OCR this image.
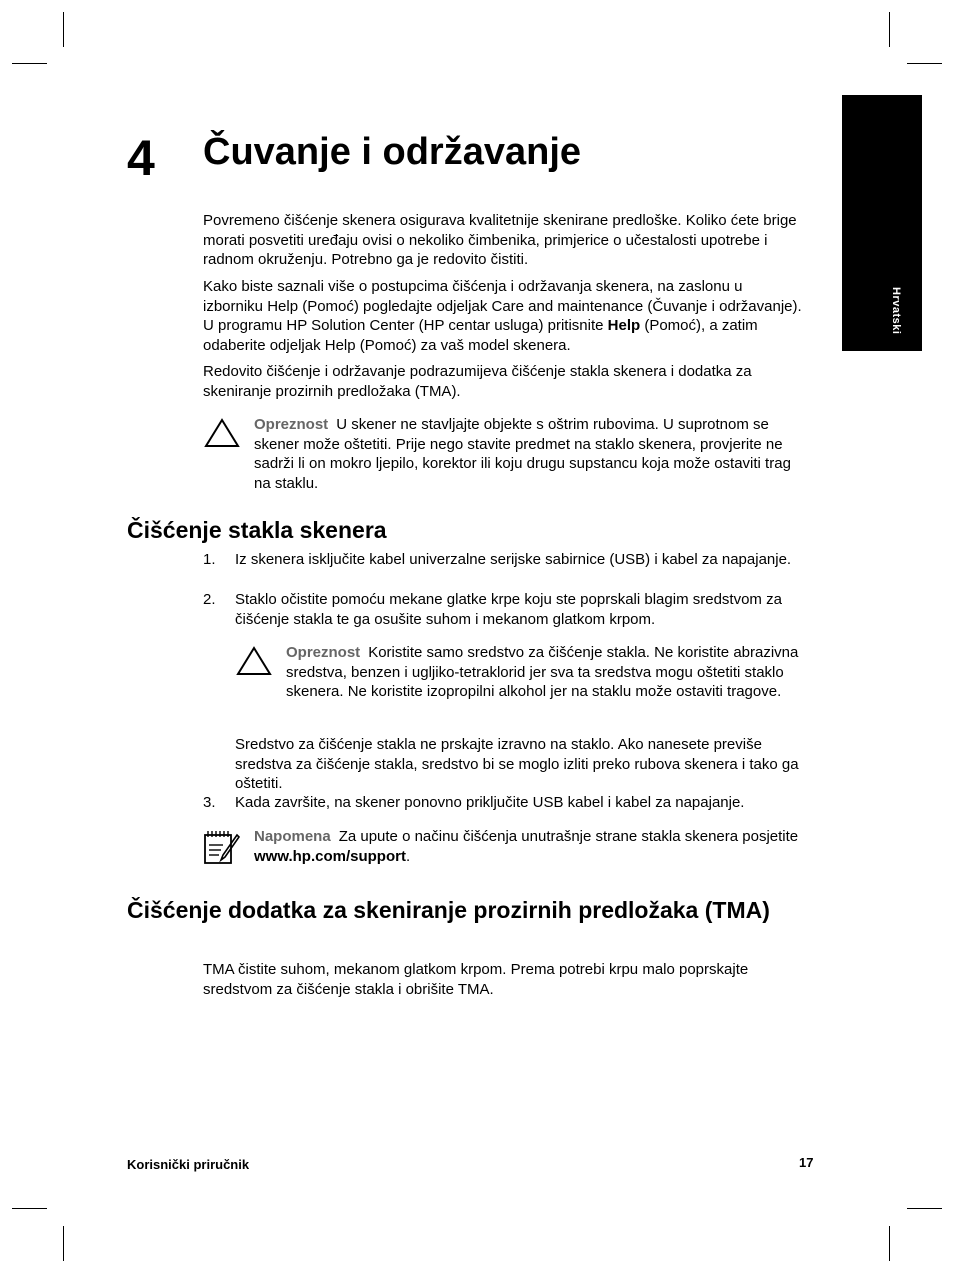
Hrvatski
4 Čuvanje i održavanje

Povremeno čišćenje skenera osigurava kvalitetnije skenirane predloške. Koliko ćete brige morati posvetiti uređaju ovisi o nekoliko čimbenika, primjerice o učestalosti upotrebe i radnom okruženju. Potrebno ga je redovito čistiti.

Kako biste saznali više o postupcima čišćenja i održavanja skenera, na zaslonu u izborniku Help (Pomoć) pogledajte odjeljak Care and maintenance (Čuvanje i održavanje). U programu HP Solution Center (HP centar usluga) pritisnite Help (Pomoć), a zatim odaberite odjeljak Help (Pomoć) za vaš model skenera.

Redovito čišćenje i održavanje podrazumijeva čišćenje stakla skenera i dodatka za skeniranje prozirnih predložaka (TMA).

Opreznost U skener ne stavljajte objekte s oštrim rubovima. U suprotnom se skener može oštetiti. Prije nego stavite predmet na staklo skenera, provjerite ne sadrži li on mokro ljepilo, korektor ili koju drugu supstancu koja može ostaviti trag na staklu.

Čišćenje stakla skenera
1. Iz skenera isključite kabel univerzalne serijske sabirnice (USB) i kabel za napajanje.

2. Staklo očistite pomoću mekane glatke krpe koju ste poprskali blagim sredstvom za čišćenje stakla te ga osušite suhom i mekanom glatkom krpom.

Opreznost Koristite samo sredstvo za čišćenje stakla. Ne koristite abrazivna sredstva, benzen i ugljiko-tetraklorid jer sva ta sredstva mogu oštetiti staklo skenera. Ne koristite izopropilni alkohol jer na staklu može ostaviti tragove.

Sredstvo za čišćenje stakla ne prskajte izravno na staklo. Ako nanesete previše sredstva za čišćenje stakla, sredstvo bi se moglo izliti preko rubova skenera i tako ga oštetiti.

3. Kada završite, na skener ponovno priključite USB kabel i kabel za napajanje.

Napomena Za upute o načinu čišćenja unutrašnje strane stakla skenera posjetite www.hp.com/support.

Čišćenje dodatka za skeniranje prozirnih predložaka (TMA)

TMA čistite suhom, mekanom glatkom krpom. Prema potrebi krpu malo poprskajte sredstvom za čišćenje stakla i obrišite TMA.

Korisnički priručnik	17
